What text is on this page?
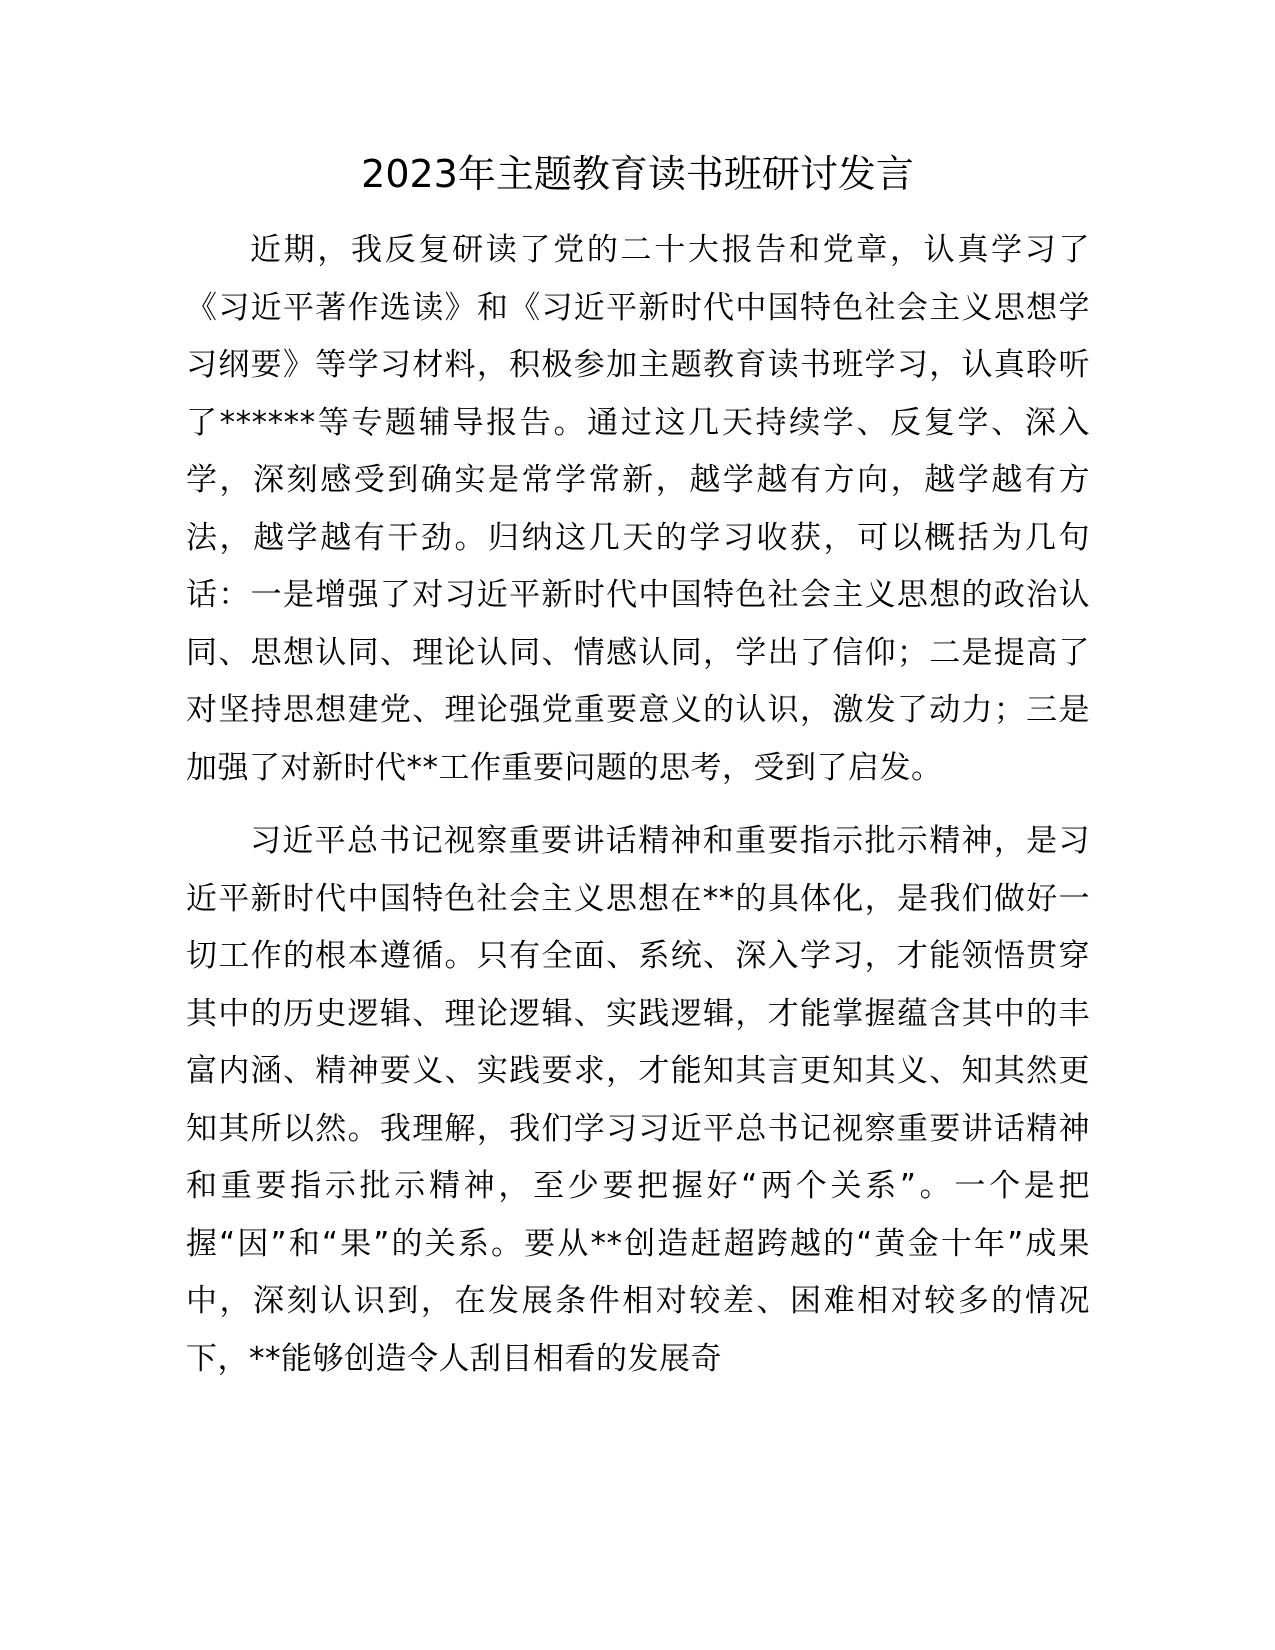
2023年主题教育读书班研讨发言

近期，我反复研读了党的二十大报告和党章，认真学习了《习近平著作选读》和《习近平新时代中国特色社会主义思想学习纲要》等学习材料，积极参加主题教育读书班学习，认真聆听了******等专题辅导报告。通过这几天持续学、反复学、深入学，深刻感受到确实是常学常新，越学越有方向，越学越有方法，越学越有干劲。归纳这几天的学习收获，可以概括为几句话：一是增强了对习近平新时代中国特色社会主义思想的政治认同、思想认同、理论认同、情感认同，学出了信仰；二是提高了对坚持思想建党、理论强党重要意义的认识，激发了动力；三是加强了对新时代**工作重要问题的思考，受到了启发。

习近平总书记视察重要讲话精神和重要指示批示精神，是习近平新时代中国特色社会主义思想在**的具体化，是我们做好一切工作的根本遵循。只有全面、系统、深入学习，才能领悟贯穿其中的历史逻辑、理论逻辑、实践逻辑，才能掌握蕴含其中的丰富内涵、精神要义、实践要求，才能知其言更知其义、知其然更知其所以然。我理解，我们学习习近平总书记视察重要讲话精神和重要指示批示精神，至少要把握好“两个关系”。一个是把握“因”和“果”的关系。要从**创造赶超跨越的“黄金十年”成果中，深刻认识到，在发展条件相对较差、困难相对较多的情况下，**能够创造令人刮目相看的发展奇
